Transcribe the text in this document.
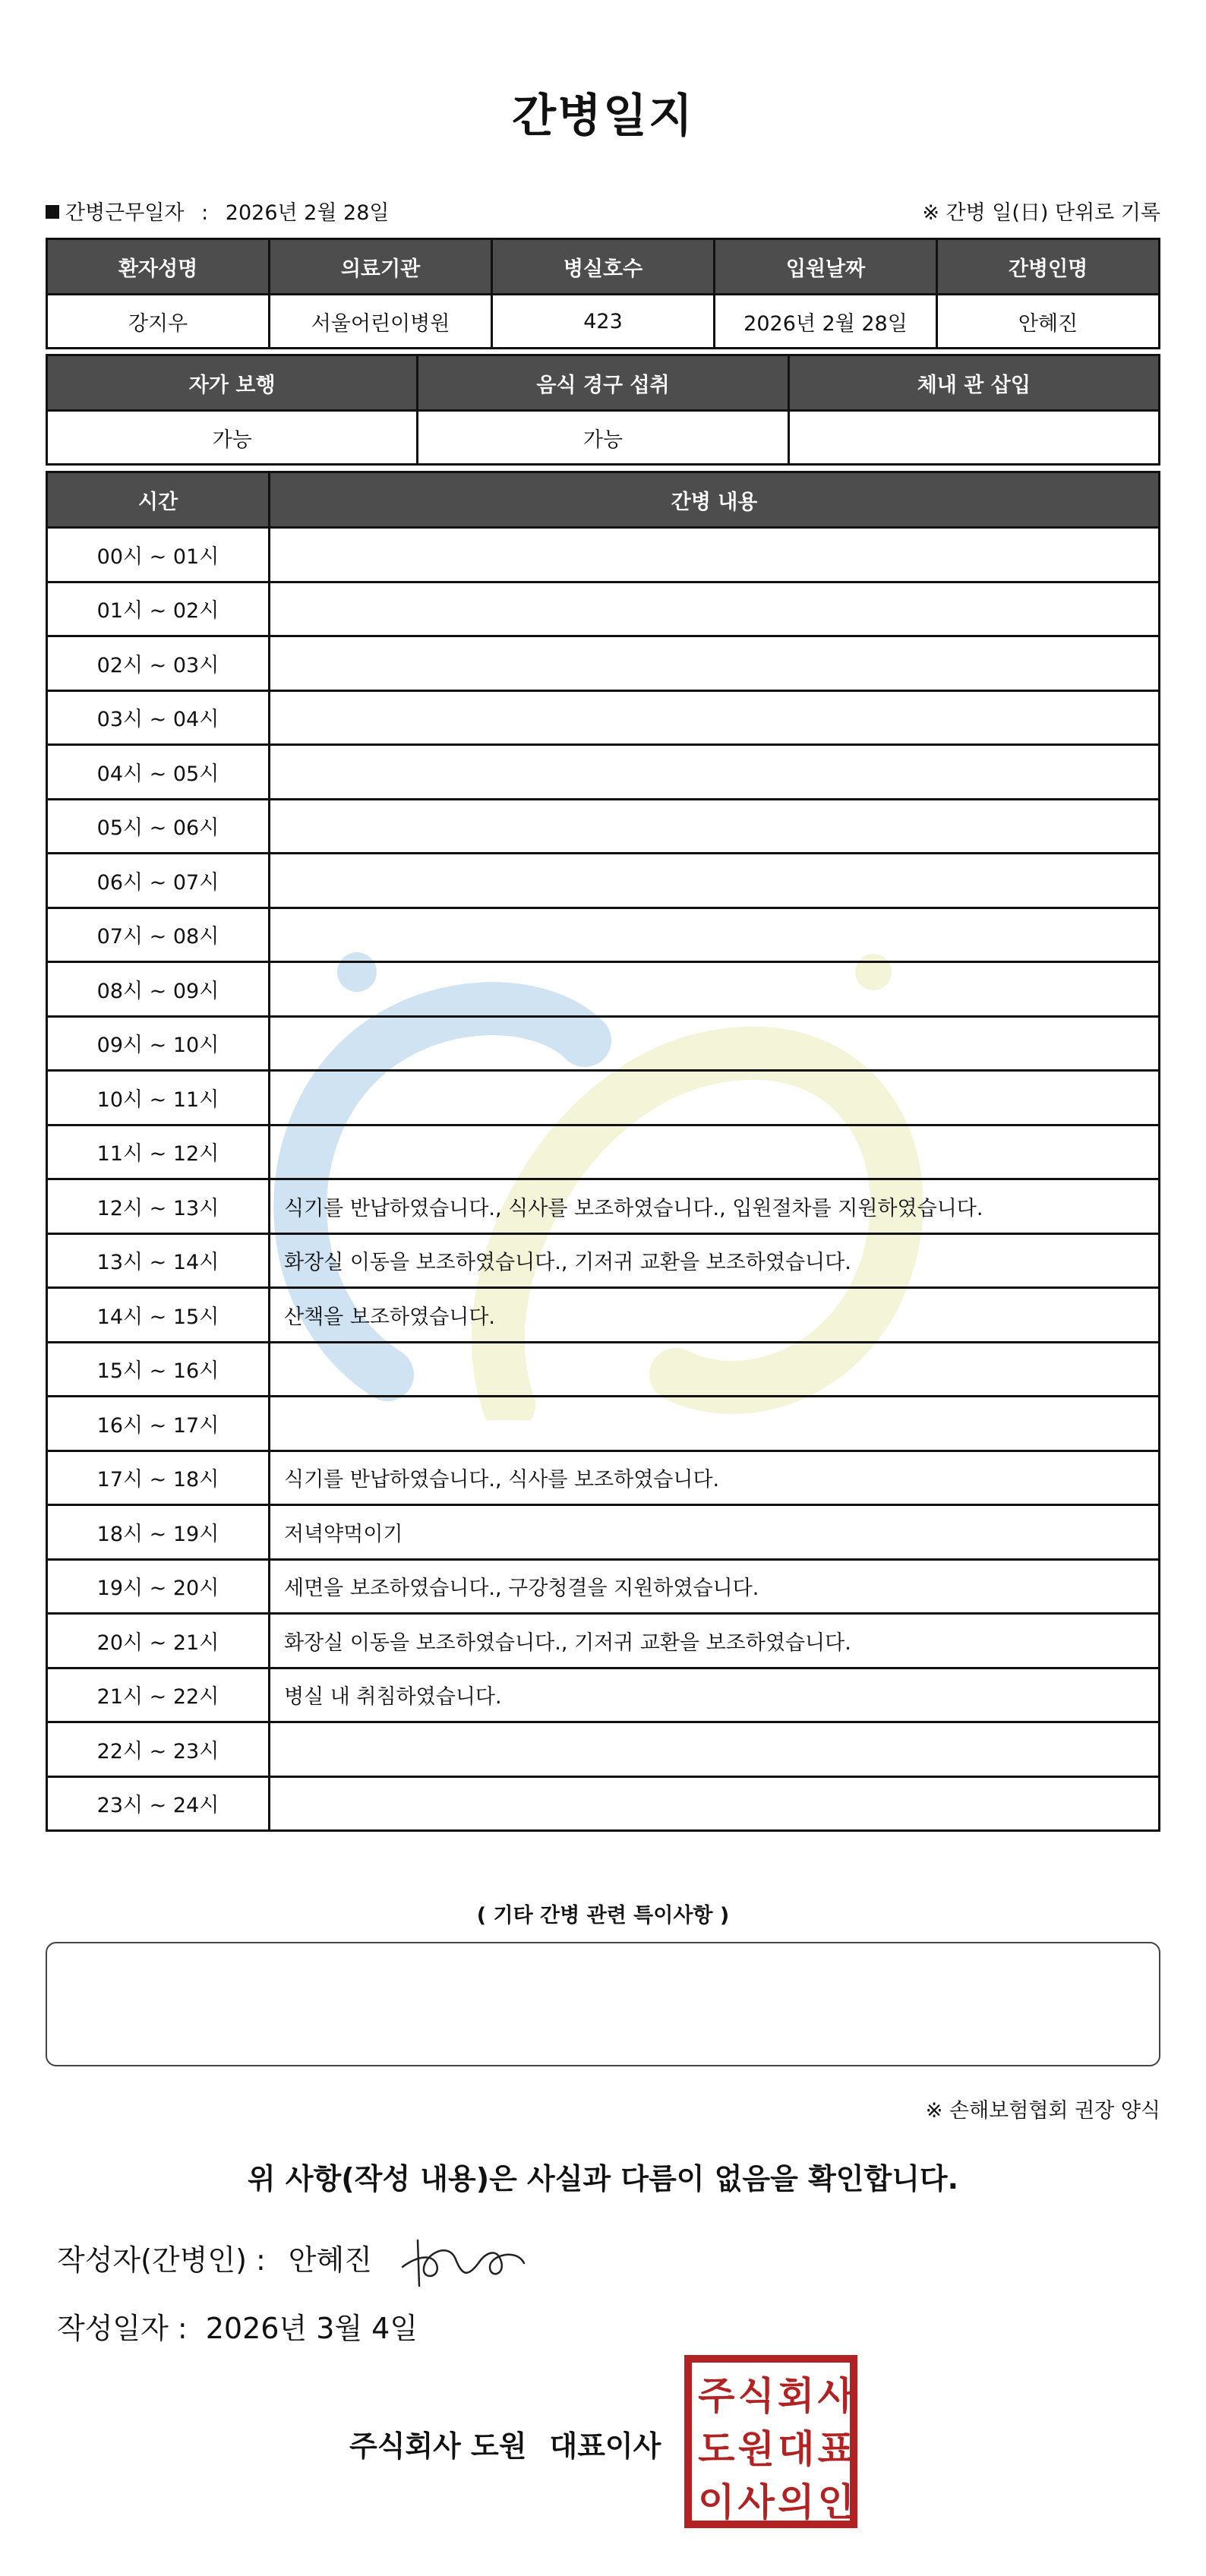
간병일지
간병근무일자 : 2026년 2월 28일	※ 간병 일(日) 단위로 기록
환자성명	의료기관	병실호수	입원날짜	간병인명
강지우	서울어린이병원	423	2026년 2월 28일	안혜진
자가 보행	음식 경구 섭취	체내 관 삽입
가능	가능	
시간	간병 내용
00시 ~ 01시	
01시 ~ 02시	
02시 ~ 03시	
03시 ~ 04시	
04시 ~ 05시	
05시 ~ 06시	
06시 ~ 07시	
07시 ~ 08시	
08시 ~ 09시	
09시 ~ 10시	
10시 ~ 11시	
11시 ~ 12시	
12시 ~ 13시	식기를 반납하였습니다., 식사를 보조하였습니다., 입원절차를 지원하였습니다.
13시 ~ 14시	화장실 이동을 보조하였습니다., 기저귀 교환을 보조하였습니다.
14시 ~ 15시	산책을 보조하였습니다.
15시 ~ 16시	
16시 ~ 17시	
17시 ~ 18시	식기를 반납하였습니다., 식사를 보조하였습니다.
18시 ~ 19시	저녁약먹이기
19시 ~ 20시	세면을 보조하였습니다., 구강청결을 지원하였습니다.
20시 ~ 21시	화장실 이동을 보조하였습니다., 기저귀 교환을 보조하였습니다.
21시 ~ 22시	병실 내 취침하였습니다.
22시 ~ 23시	
23시 ~ 24시	
( 기타 간병 관련 특이사항 )
※ 손해보험협회 권장 양식
위 사항(작성 내용)은 사실과 다름이 없음을 확인합니다.
작성자(간병인) : 안혜진
작성일자 : 2026년 3월 4일
주식회사 도원 대표이사
주 식 회 사
도 원 대 표
이 사 의 인
